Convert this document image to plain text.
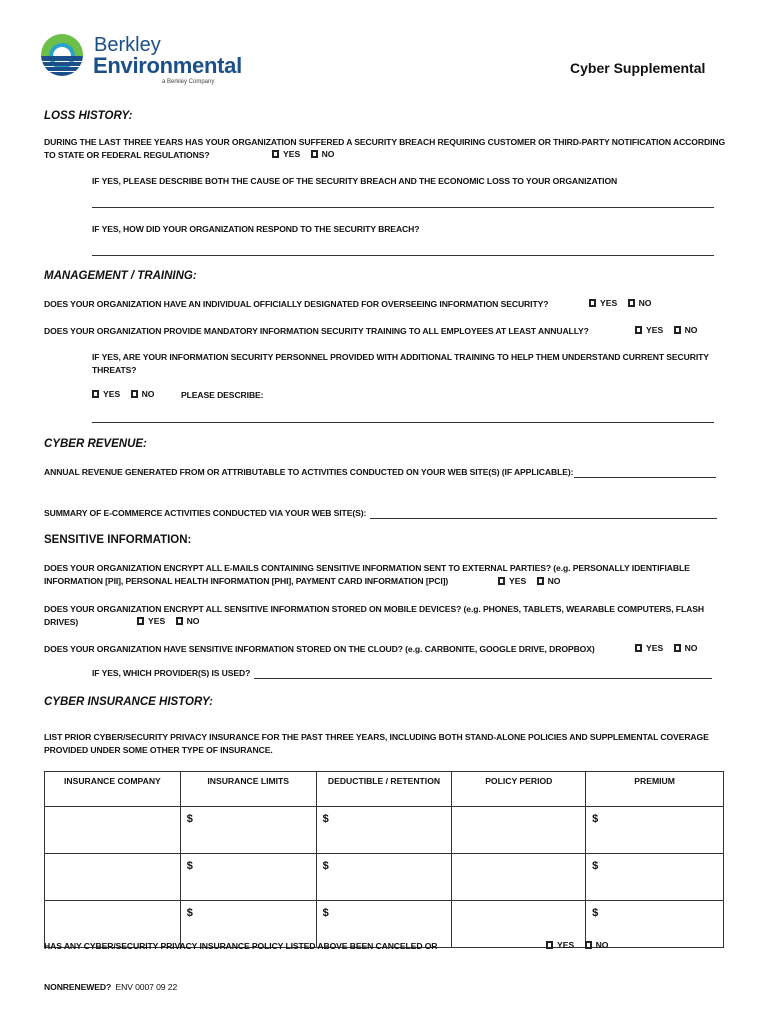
Berkley
Environmental
a Berkley Company
Cyber Supplemental
LOSS HISTORY:
DURING THE LAST THREE YEARS HAS YOUR ORGANIZATION SUFFERED A SECURITY BREACH REQUIRING CUSTOMER OR THIRD-PARTY NOTIFICATION ACCORDING
TO STATE OR FEDERAL REGULATIONS?	YES NO
IF YES, PLEASE DESCRIBE BOTH THE CAUSE OF THE SECURITY BREACH AND THE ECONOMIC LOSS TO YOUR ORGANIZATION
IF YES, HOW DID YOUR ORGANIZATION RESPOND TO THE SECURITY BREACH?
MANAGEMENT / TRAINING:
DOES YOUR ORGANIZATION HAVE AN INDIVIDUAL OFFICIALLY DESIGNATED FOR OVERSEEING INFORMATION SECURITY?	YES NO
DOES YOUR ORGANIZATION PROVIDE MANDATORY INFORMATION SECURITY TRAINING TO ALL EMPLOYEES AT LEAST ANNUALLY?	YES NO
IF YES, ARE YOUR INFORMATION SECURITY PERSONNEL PROVIDED WITH ADDITIONAL TRAINING TO HELP THEM UNDERSTAND CURRENT SECURITY
THREATS?
YES NO	PLEASE DESCRIBE:
CYBER REVENUE:
ANNUAL REVENUE GENERATED FROM OR ATTRIBUTABLE TO ACTIVITIES CONDUCTED ON YOUR WEB SITE(S) (IF APPLICABLE):
SUMMARY OF E-COMMERCE ACTIVITIES CONDUCTED VIA YOUR WEB SITE(S):
SENSITIVE INFORMATION:
DOES YOUR ORGANIZATION ENCRYPT ALL E-MAILS CONTAINING SENSITIVE INFORMATION SENT TO EXTERNAL PARTIES? (e.g. PERSONALLY IDENTIFIABLE
INFORMATION [PII], PERSONAL HEALTH INFORMATION [PHI], PAYMENT CARD INFORMATION [PCI])	YES NO
DOES YOUR ORGANIZATION ENCRYPT ALL SENSITIVE INFORMATION STORED ON MOBILE DEVICES? (e.g. PHONES, TABLETS, WEARABLE COMPUTERS, FLASH
DRIVES)	YES NO
DOES YOUR ORGANIZATION HAVE SENSITIVE INFORMATION STORED ON THE CLOUD? (e.g. CARBONITE, GOOGLE DRIVE, DROPBOX)	YES NO
IF YES, WHICH PROVIDER(S) IS USED?
CYBER INSURANCE HISTORY:
LIST PRIOR CYBER/SECURITY PRIVACY INSURANCE FOR THE PAST THREE YEARS, INCLUDING BOTH STAND-ALONE POLICIES AND SUPPLEMENTAL COVERAGE
PROVIDED UNDER SOME OTHER TYPE OF INSURANCE.
INSURANCE COMPANY	INSURANCE LIMITS	DEDUCTIBLE / RETENTION	POLICY PERIOD	PREMIUM
	$	$		$
	$	$		$
	$	$		$
HAS ANY CYBER/SECURITY PRIVACY INSURANCE POLICY LISTED ABOVE BEEN CANCELED OR	YES NO
NONRENEWED? ENV 0007 09 22
